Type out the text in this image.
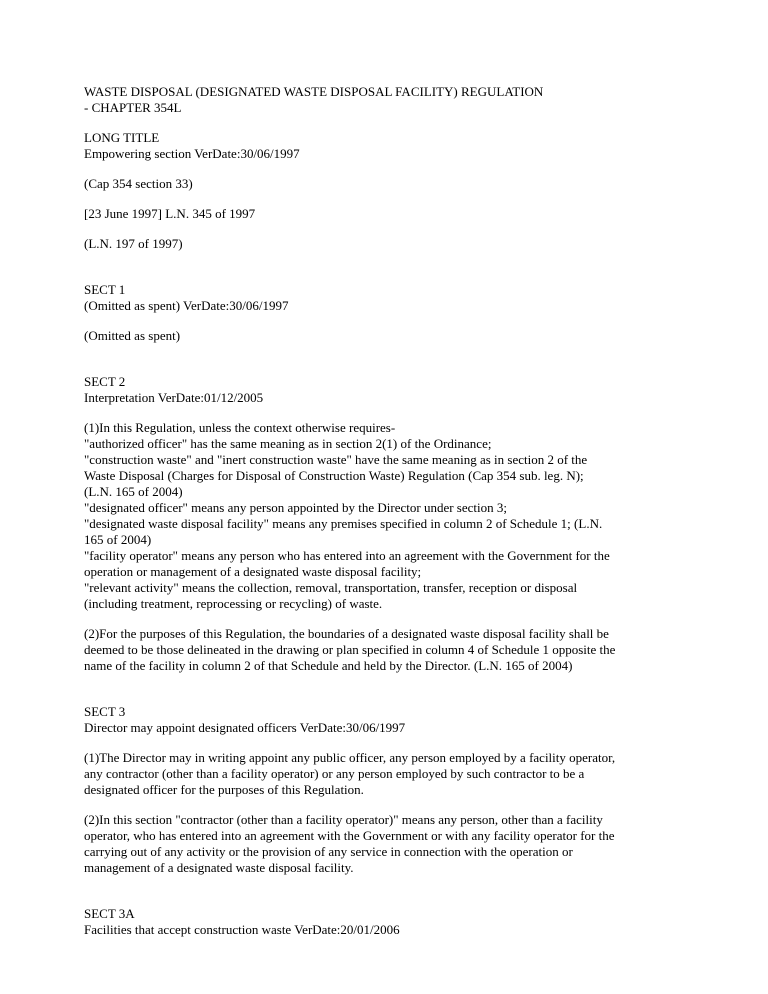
WASTE DISPOSAL (DESIGNATED WASTE DISPOSAL FACILITY) REGULATION
- CHAPTER 354L
LONG TITLE
Empowering section VerDate:30/06/1997
(Cap 354 section 33)
[23 June 1997] L.N. 345 of 1997
(L.N. 197 of 1997)
SECT 1
(Omitted as spent) VerDate:30/06/1997
(Omitted as spent)
SECT 2
Interpretation VerDate:01/12/2005
(1)In this Regulation, unless the context otherwise requires-
"authorized officer" has the same meaning as in section 2(1) of the Ordinance;
"construction waste" and "inert construction waste" have the same meaning as in section 2 of the
Waste Disposal (Charges for Disposal of Construction Waste) Regulation (Cap 354 sub. leg. N);
(L.N. 165 of 2004)
"designated officer" means any person appointed by the Director under section 3;
"designated waste disposal facility" means any premises specified in column 2 of Schedule 1; (L.N.
165 of 2004)
"facility operator" means any person who has entered into an agreement with the Government for the
operation or management of a designated waste disposal facility;
"relevant activity" means the collection, removal, transportation, transfer, reception or disposal
(including treatment, reprocessing or recycling) of waste.
(2)For the purposes of this Regulation, the boundaries of a designated waste disposal facility shall be
deemed to be those delineated in the drawing or plan specified in column 4 of Schedule 1 opposite the
name of the facility in column 2 of that Schedule and held by the Director. (L.N. 165 of 2004)
SECT 3
Director may appoint designated officers VerDate:30/06/1997
(1)The Director may in writing appoint any public officer, any person employed by a facility operator,
any contractor (other than a facility operator) or any person employed by such contractor to be a
designated officer for the purposes of this Regulation.
(2)In this section "contractor (other than a facility operator)" means any person, other than a facility
operator, who has entered into an agreement with the Government or with any facility operator for the
carrying out of any activity or the provision of any service in connection with the operation or
management of a designated waste disposal facility.
SECT 3A
Facilities that accept construction waste VerDate:20/01/2006
